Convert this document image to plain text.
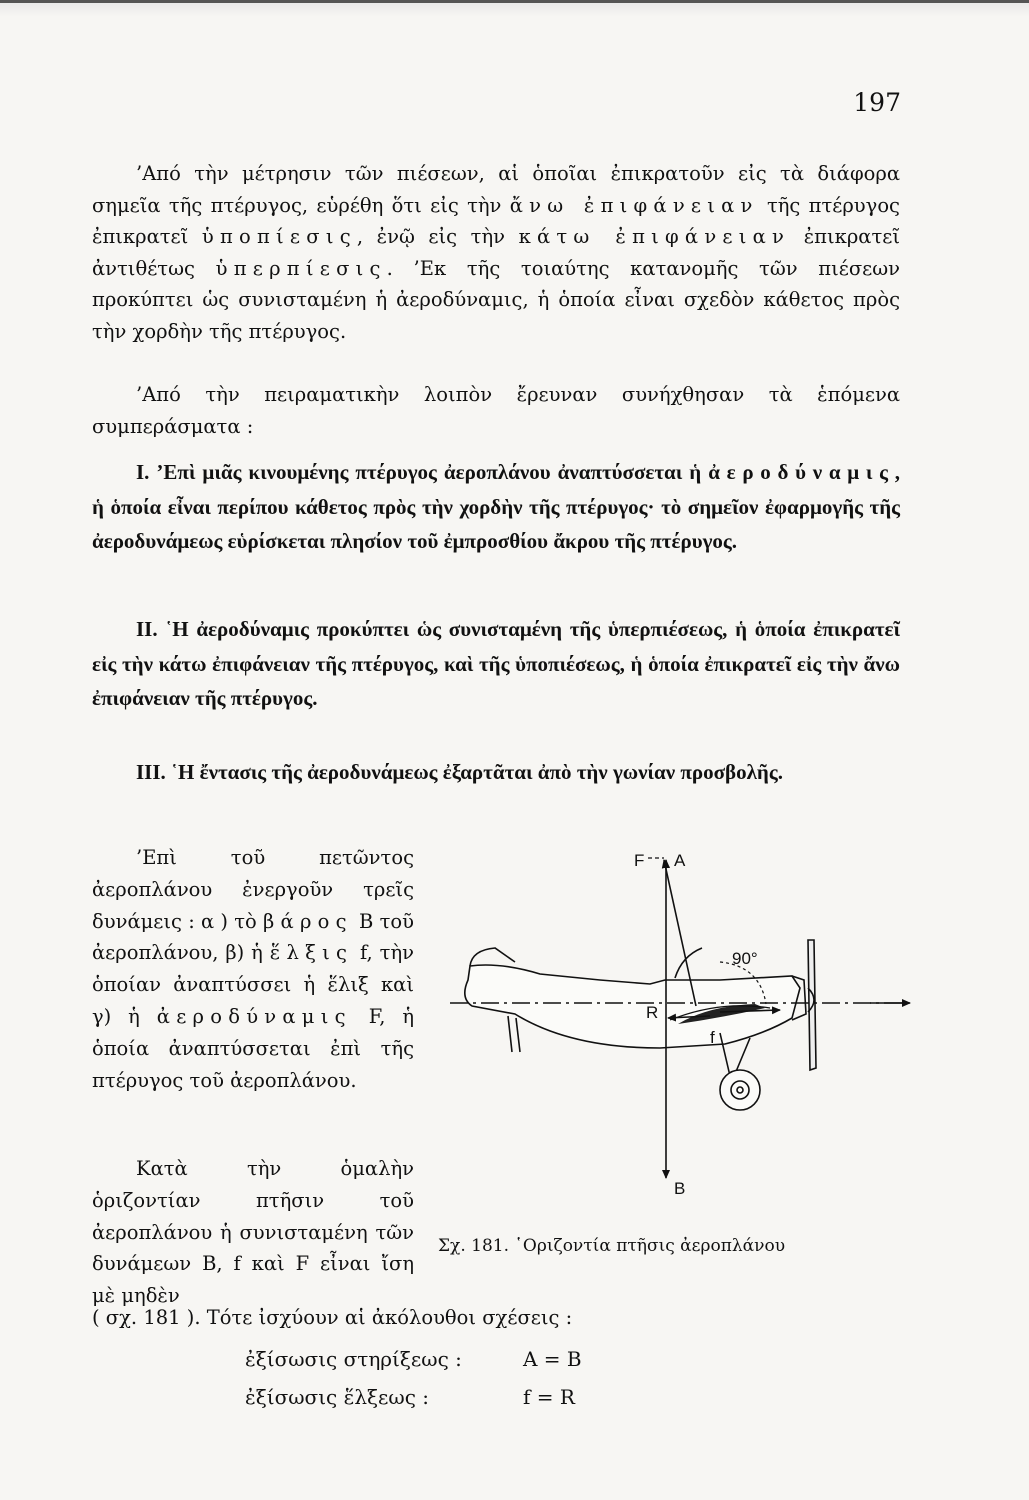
197

’Από τὴν μέτρησιν τῶν πιέσεων, αἱ ὁποῖαι ἐπικρατοῦν εἰς τὰ διάφορα σημεῖα τῆς πτέρυγος, εὑρέθη ὅτι εἰς τὴν ἄνω ἐπιφάνειαν τῆς πτέρυγος ἐπικρατεῖ ὑποπίεσις, ἐνῷ εἰς τὴν κάτω ἐπιφάνειαν ἐπικρατεῖ ἀντιθέτως ὑπερπίεσις. ’Εκ τῆς τοιαύτης κατανομῆς τῶν πιέσεων προκύπτει ὡς συνισταμένη ἡ ἀεροδύναμις, ἡ ὁποία εἶναι σχεδὸν κάθετος πρὸς τὴν χορδὴν τῆς πτέρυγος.

’Από τὴν πειραματικὴν λοιπὸν ἔρευναν συνήχθησαν τὰ ἑπόμενα συμπεράσματα :

I. ’Επὶ μιᾶς κινουμένης πτέρυγος ἀεροπλάνου ἀναπτύσσεται ἡ ἀεροδύναμις, ἡ ὁποία εἶναι περίπου κάθετος πρὸς τὴν χορδὴν τῆς πτέρυγος· τὸ σημεῖον ἐφαρμογῆς τῆς ἀεροδυνάμεως εὑρίσκεται πλησίον τοῦ ἐμπροσθίου ἄκρου τῆς πτέρυγος.

II. ῾Η ἀεροδύναμις προκύπτει ὡς συνισταμένη τῆς ὑπερπιέσεως, ἡ ὁποία ἐπικρατεῖ εἰς τὴν κάτω ἐπιφάνειαν τῆς πτέρυγος, καὶ τῆς ὑποπιέσεως, ἡ ὁποία ἐπικρατεῖ εἰς τὴν ἄνω ἐπιφάνειαν τῆς πτέρυγος.

III. ῾Η ἔντασις τῆς ἀεροδυνάμεως ἐξαρτᾶται ἀπὸ τὴν γωνίαν προσβολῆς.

’Επὶ τοῦ πετῶντος ἀεροπλάνου ἐνεργοῦν τρεῖς δυνάμεις : α ) τὸ βάρος Β τοῦ ἀεροπλάνου, β) ἡ ἕλξις f, τὴν ὁποίαν ἀναπτύσσει ἡ ἕλιξ καὶ γ) ἡ ἀεροδύναμις F, ἡ ὁποία ἀναπτύσσεται ἐπὶ τῆς πτέρυγος τοῦ ἀεροπλάνου.

Κατὰ τὴν ὁμαλὴν ὁριζοντίαν πτῆσιν τοῦ ἀεροπλάνου ἡ συνισταμένη τῶν δυνάμεων Β, f καὶ F εἶναι ἴση μὲ μηδὲν

( σχ. 181 ). Τότε ἰσχύουν αἱ ἀκόλουθοι σχέσεις :

ἐξίσωσις στηρίξεως :	Α = Β
ἐξίσωσις ἕλξεως :	f = R
F A
90°
R
f
B
Σχ. 181. ῾Οριζοντία πτῆσις ἀεροπλάνου
